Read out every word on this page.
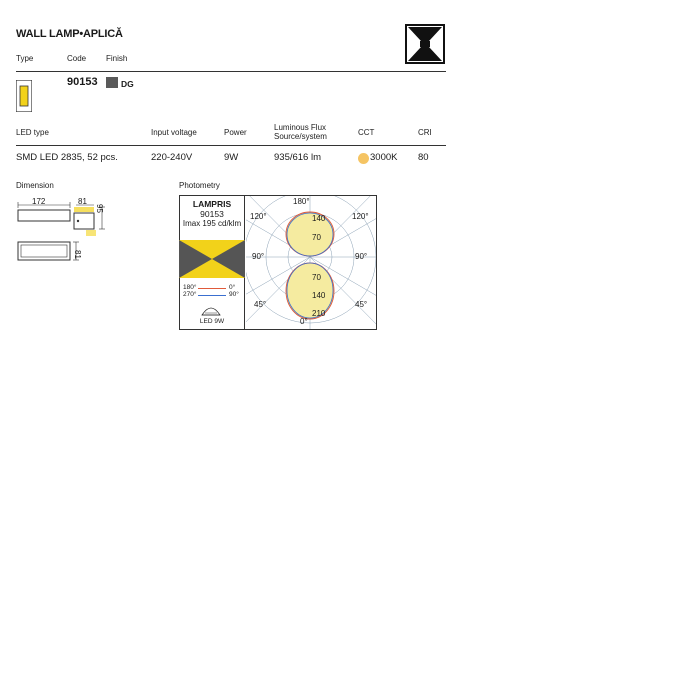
WALL LAMP•APLICĂ
Type	Code Finish
90153	DG
LED type	Input voltage	Power
Luminous Flux
Source/system	CCT	CRI
SMD LED 2835, 52 pcs.	220-240V	9W	935/616 lm	3000K 80
Dimension
172	81
95
81
Photometry
LAMPRIS
90153
Imax 195 cd/klm
180°	0°
270°	90°
LED 9W
180°
120°	120°
90°	90°
45°	45°
0°
140
70
70
140
210
